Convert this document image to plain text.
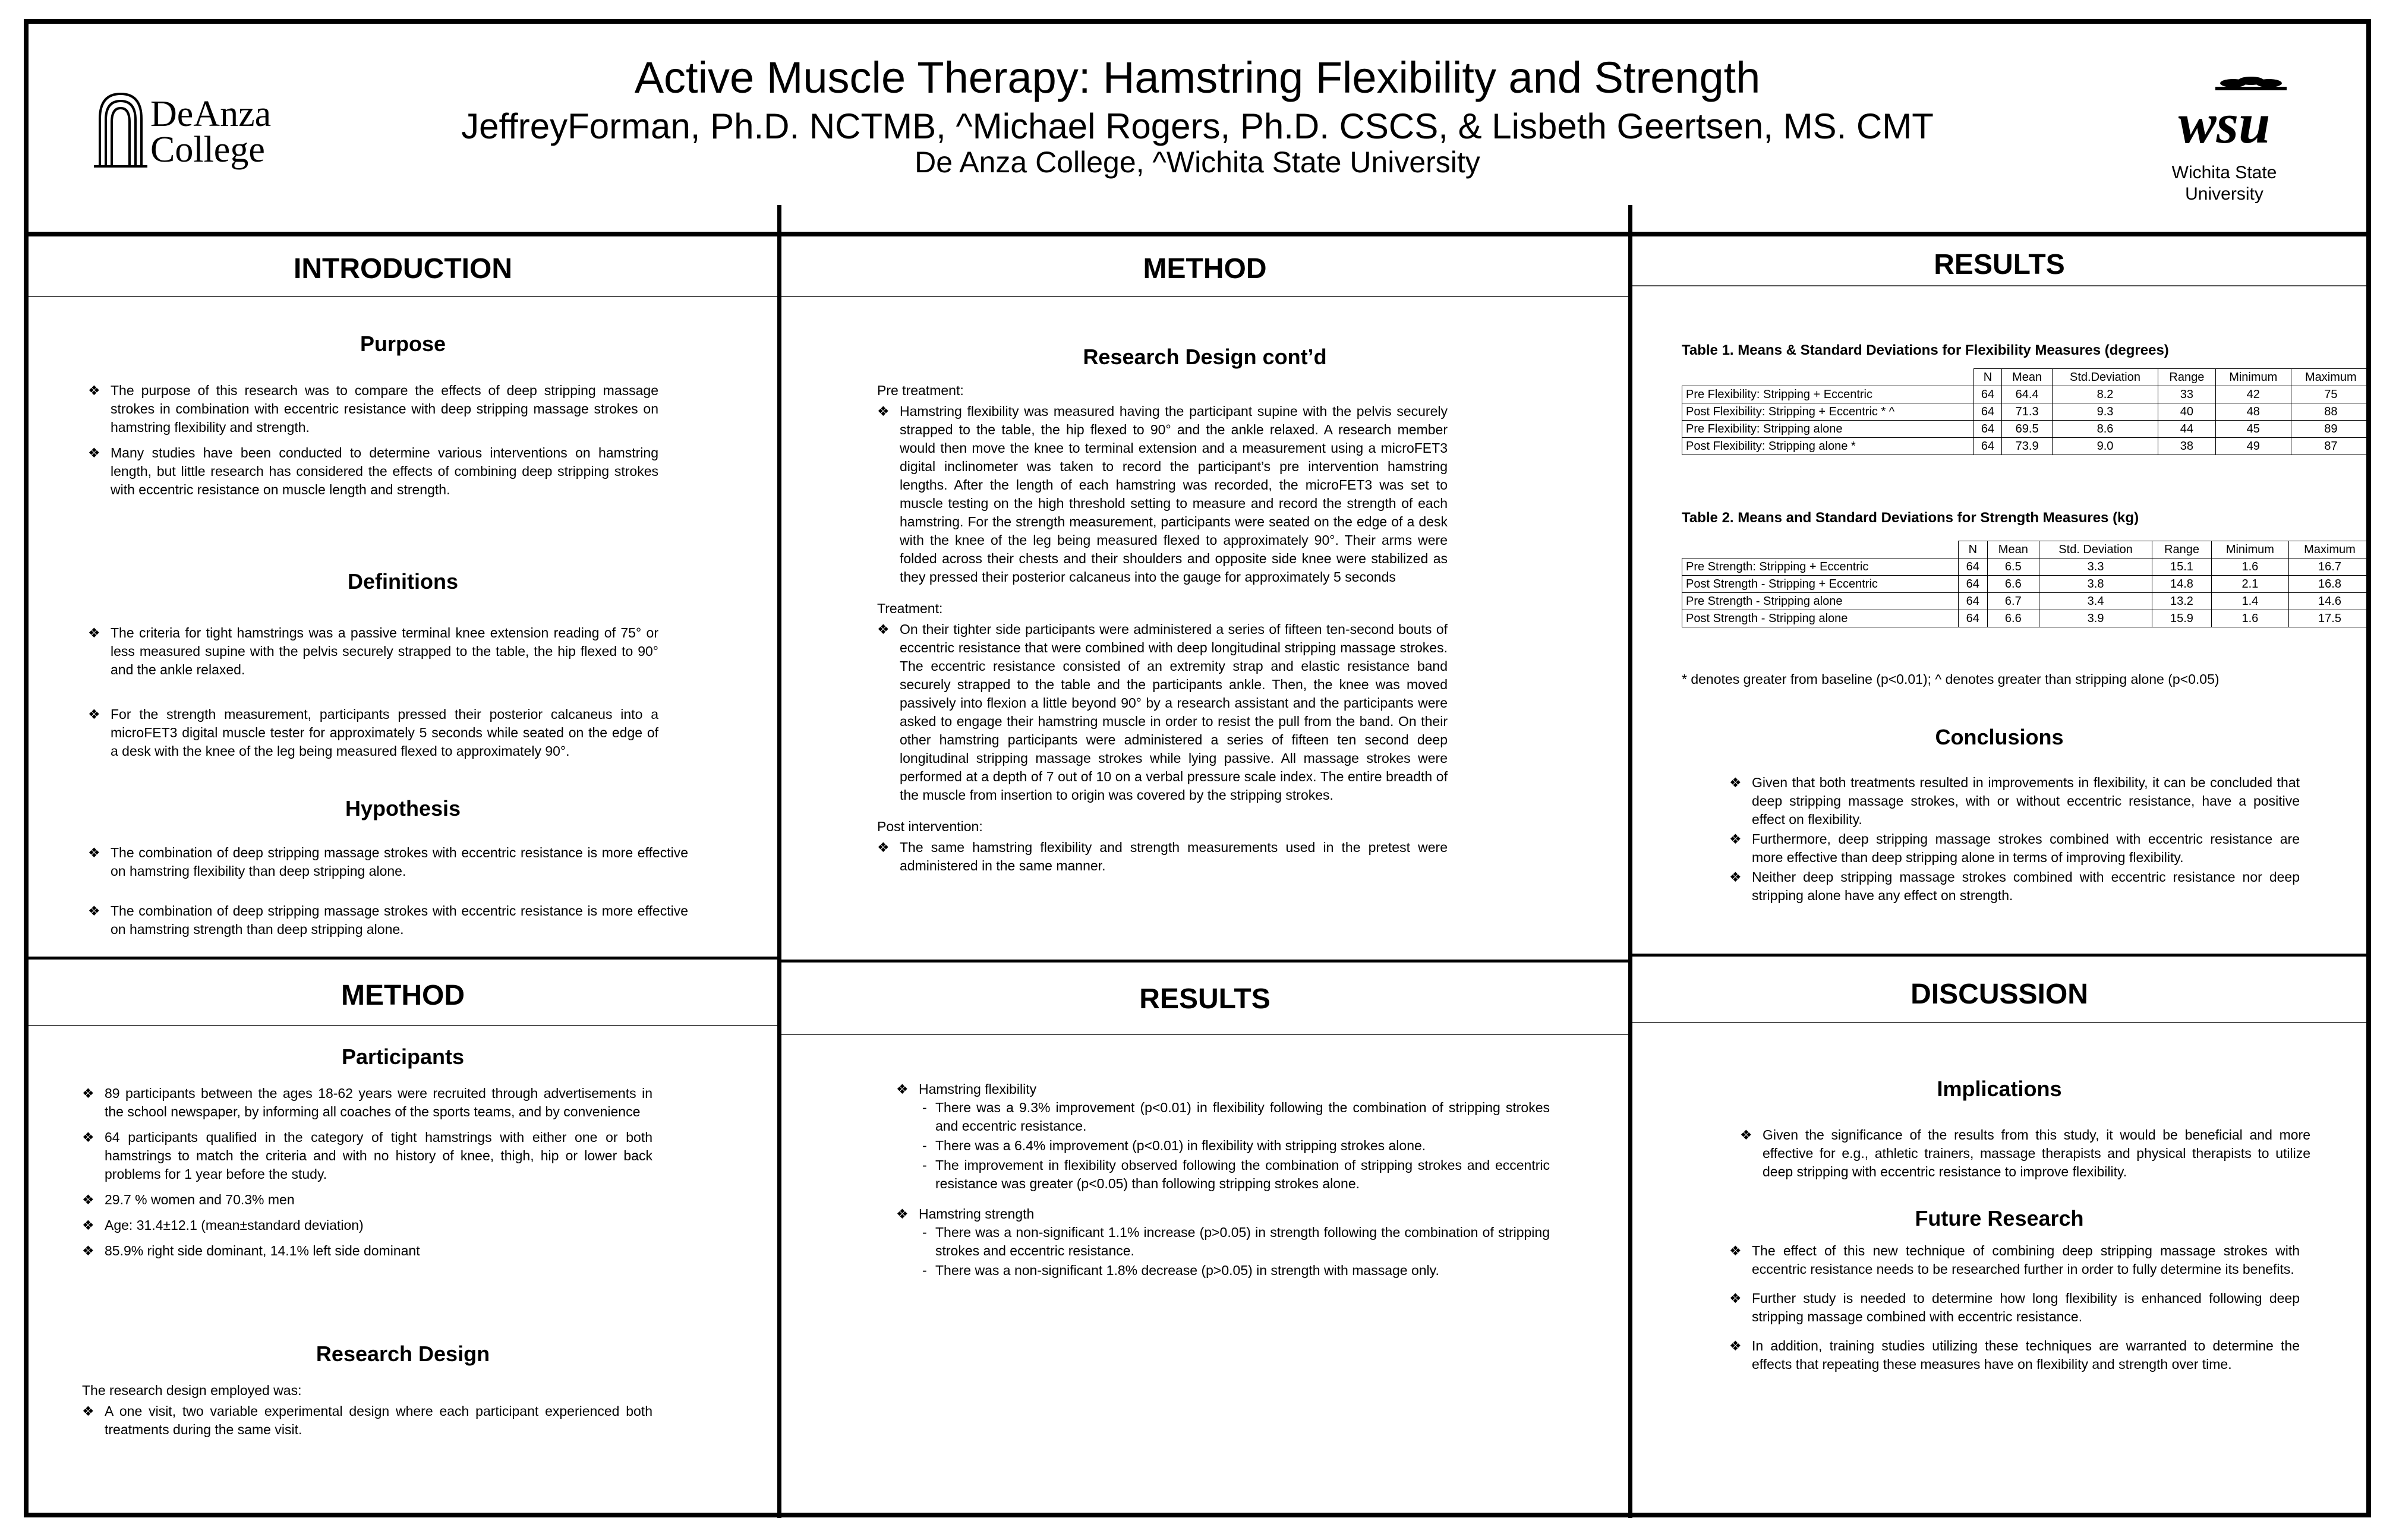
Active Muscle Therapy: Hamstring Flexibility and Strength
JeffreyForman, Ph.D. NCTMB, ^Michael Rogers, Ph.D. CSCS, & Lisbeth Geertsen, MS. CMT
De Anza College, ^Wichita State University
DeAnza
College	wsu
Wichita State
University
INTRODUCTION
Purpose
❖ The purpose of this research was to compare the effects of deep stripping massage strokes in combination with eccentric resistance with deep stripping massage strokes on hamstring flexibility and strength.
❖ Many studies have been conducted to determine various interventions on hamstring length, but little research has considered the effects of combining deep stripping strokes with eccentric resistance on muscle length and strength.
Definitions
❖ The criteria for tight hamstrings was a passive terminal knee extension reading of 75° or less measured supine with the pelvis securely strapped to the table, the hip flexed to 90° and the ankle relaxed.
❖ For the strength measurement, participants pressed their posterior calcaneus into a microFET3 digital muscle tester for approximately 5 seconds while seated on the edge of a desk with the knee of the leg being measured flexed to approximately 90°.
Hypothesis
❖ The combination of deep stripping massage strokes with eccentric resistance is more effective on hamstring flexibility than deep stripping alone.
❖ The combination of deep stripping massage strokes with eccentric resistance is more effective on hamstring strength than deep stripping alone.
METHOD
Participants
❖ 89 participants between the ages 18-62 years were recruited through advertisements in the school newspaper, by informing all coaches of the sports teams, and by convenience
❖ 64 participants qualified in the category of tight hamstrings with either one or both hamstrings to match the criteria and with no history of knee, thigh, hip or lower back problems for 1 year before the study.
❖ 29.7 % women and 70.3% men
❖ Age: 31.4±12.1 (mean±standard deviation)
❖ 85.9% right side dominant, 14.1% left side dominant
Research Design
The research design employed was:
❖ A one visit, two variable experimental design where each participant experienced both treatments during the same visit.
METHOD
Research Design cont’d
Pre treatment:
❖ Hamstring flexibility was measured having the participant supine with the pelvis securely strapped to the table, the hip flexed to 90° and the ankle relaxed. A research member would then move the knee to terminal extension and a measurement using a microFET3 digital inclinometer was taken to record the participant’s pre intervention hamstring lengths. After the length of each hamstring was recorded, the microFET3 was set to muscle testing on the high threshold setting to measure and record the strength of each hamstring. For the strength measurement, participants were seated on the edge of a desk with the knee of the leg being measured flexed to approximately 90°. Their arms were folded across their chests and their shoulders and opposite side knee were stabilized as they pressed their posterior calcaneus into the gauge for approximately 5 seconds
Treatment:
❖ On their tighter side participants were administered a series of fifteen ten-second bouts of eccentric resistance that were combined with deep longitudinal stripping massage strokes. The eccentric resistance consisted of an extremity strap and elastic resistance band securely strapped to the table and the participants ankle. Then, the knee was moved passively into flexion a little beyond 90° by a research assistant and the participants were asked to engage their hamstring muscle in order to resist the pull from the band. On their other hamstring participants were administered a series of fifteen ten second deep longitudinal stripping massage strokes while lying passive. All massage strokes were performed at a depth of 7 out of 10 on a verbal pressure scale index. The entire breadth of the muscle from insertion to origin was covered by the stripping strokes.
Post intervention:
❖ The same hamstring flexibility and strength measurements used in the pretest were administered in the same manner.
RESULTS
❖ Hamstring flexibility
- There was a 9.3% improvement (p<0.01) in flexibility following the combination of stripping strokes and eccentric resistance.
- There was a 6.4% improvement (p<0.01) in flexibility with stripping strokes alone.
- The improvement in flexibility observed following the combination of stripping strokes and eccentric resistance was greater (p<0.05) than following stripping strokes alone.
❖ Hamstring strength
- There was a non-significant 1.1% increase (p>0.05) in strength following the combination of stripping strokes and eccentric resistance.
- There was a non-significant 1.8% decrease (p>0.05) in strength with massage only.
RESULTS
Table 1. Means & Standard Deviations for Flexibility Measures (degrees)
	N	Mean	Std.Deviation	Range	Minimum	Maximum
Pre Flexibility: Stripping + Eccentric	64	64.4	8.2	33	42	75
Post Flexibility: Stripping + Eccentric * ^	64	71.3	9.3	40	48	88
Pre Flexibility: Stripping alone	64	69.5	8.6	44	45	89
Post Flexibility: Stripping alone *	64	73.9	9.0	38	49	87
Table 2. Means and Standard Deviations for Strength Measures (kg)
	N	Mean	Std. Deviation	Range	Minimum	Maximum
Pre Strength: Stripping + Eccentric	64	6.5	3.3	15.1	1.6	16.7
Post Strength - Stripping + Eccentric	64	6.6	3.8	14.8	2.1	16.8
Pre Strength - Stripping alone	64	6.7	3.4	13.2	1.4	14.6
Post Strength - Stripping alone	64	6.6	3.9	15.9	1.6	17.5
* denotes greater from baseline (p<0.01); ^ denotes greater than stripping alone (p<0.05)
Conclusions
❖ Given that both treatments resulted in improvements in flexibility, it can be concluded that deep stripping massage strokes, with or without eccentric resistance, have a positive effect on flexibility.
❖ Furthermore, deep stripping massage strokes combined with eccentric resistance are more effective than deep stripping alone in terms of improving flexibility.
❖ Neither deep stripping massage strokes combined with eccentric resistance nor deep stripping alone have any effect on strength.
DISCUSSION
Implications
❖ Given the significance of the results from this study, it would be beneficial and more effective for e.g., athletic trainers, massage therapists and physical therapists to utilize deep stripping with eccentric resistance to improve flexibility.
Future Research
❖ The effect of this new technique of combining deep stripping massage strokes with eccentric resistance needs to be researched further in order to fully determine its benefits.
❖ Further study is needed to determine how long flexibility is enhanced following deep stripping massage combined with eccentric resistance.
❖ In addition, training studies utilizing these techniques are warranted to determine the effects that repeating these measures have on flexibility and strength over time.
